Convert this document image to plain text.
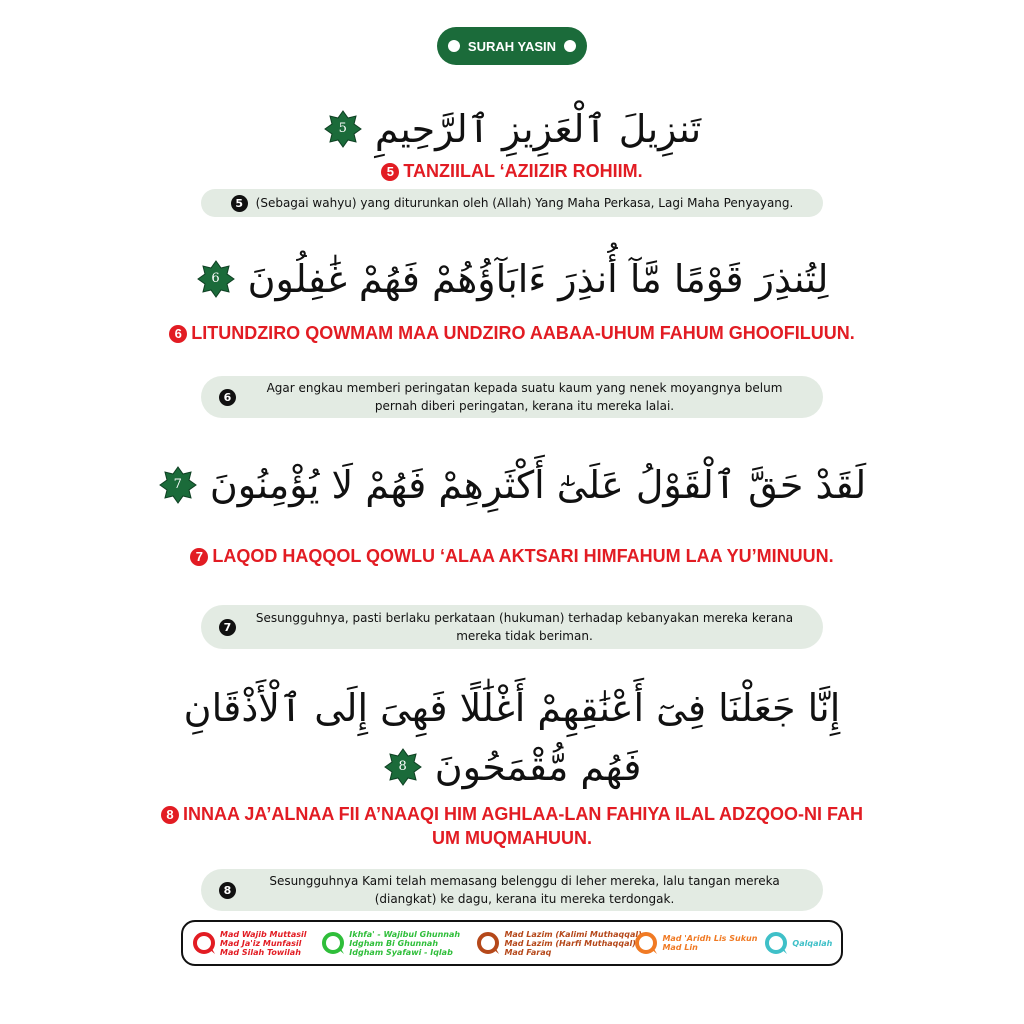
SURAH YASIN
5 تَنزِيلَ ٱلْعَزِيزِ ٱلرَّحِيمِ
5 TANZIILAL ‘AZIIZIR ROHIIM.
5	(Sebagai wahyu) yang diturunkan oleh (Allah) Yang Maha Perkasa, Lagi Maha Penyayang.
6 لِتُنذِرَ قَوْمًا مَّآ أُنذِرَ ءَابَآؤُهُمْ فَهُمْ غَٰفِلُونَ
6 LITUNDZIRO QOWMAM MAA UNDZIRO AABAA-UHUM FAHUM GHOOFILUUN.
6
Agar engkau memberi peringatan kepada suatu kaum yang nenek moyangnya belum pernah diberi peringatan, kerana itu mereka lalai.
7 لَقَدْ حَقَّ ٱلْقَوْلُ عَلَىٰٓ أَكْثَرِهِمْ فَهُمْ لَا يُؤْمِنُونَ
7 LAQOD HAQQOL QOWLU ‘ALAA AKTSARI HIMFAHUM LAA YU’MINUUN.
7
Sesungguhnya, pasti berlaku perkataan (hukuman) terhadap kebanyakan mereka kerana mereka tidak beriman.
إِنَّا جَعَلْنَا فِىٓ أَعْنَٰقِهِمْ أَغْلَٰلًا فَهِىَ إِلَى ٱلْأَذْقَانِ
8 فَهُم مُّقْمَحُونَ
8 INNAA JA’ALNAA FII A’NAAQI HIM AGHLAA-LAN FAHIYA ILAL ADZQOO-NI FAH UM MUQMAHUUN.
8
Sesungguhnya Kami telah memasang belenggu di leher mereka, lalu tangan mereka (diangkat) ke dagu, kerana itu mereka terdongak.
Mad Wajib Muttasil
Mad Ja'iz Munfasil
Mad Silah Towilah
Ikhfa' - Wajibul Ghunnah
Idgham Bi Ghunnah
Idgham Syafawi - Iqlab
Mad Lazim (Kalimi Muthaqqal)
Mad Lazim (Harfi Muthaqqal)
Mad Faraq
Mad 'Aridh Lis Sukun
Mad Lin	Qalqalah
